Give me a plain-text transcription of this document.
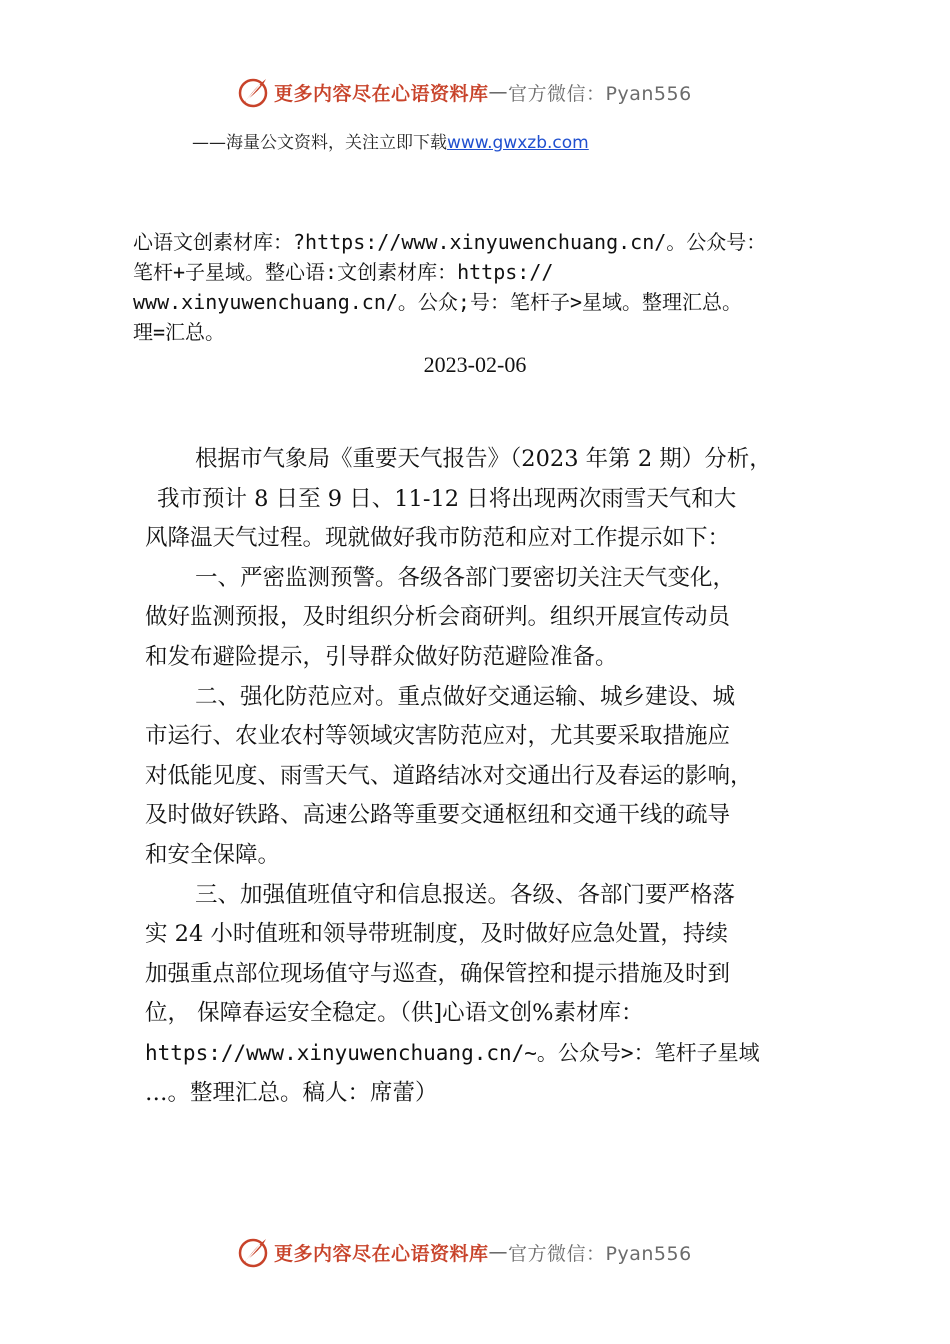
更多内容尽在心语资料库 — 官方微信：Pyan556
——海量公文资料，关注立即下载www.gwxzb.com
心语文创素材库：?https://www.xinyuwenchuang.cn/。公众号：
笔杆+子星域。整心语:文创素材库：https://
www.xinyuwenchuang.cn/。公众;号：笔杆子>星域。整理汇总。
理=汇总。
2023-02-06
根据市气象局《重要天气报告》（2023 年第 2 期）分析，
我市预计 8 日至 9 日、11-12 日将出现两次雨雪天气和大
风降温天气过程。现就做好我市防范和应对工作提示如下：
一、严密监测预警。各级各部门要密切关注天气变化，
做好监测预报，及时组织分析会商研判。组织开展宣传动员
和发布避险提示，引导群众做好防范避险准备。
二、强化防范应对。重点做好交通运输、城乡建设、城
市运行、农业农村等领域灾害防范应对，尤其要采取措施应
对低能见度、雨雪天气、道路结冰对交通出行及春运的影响，
及时做好铁路、高速公路等重要交通枢纽和交通干线的疏导
和安全保障。
三、加强值班值守和信息报送。各级、各部门要严格落
实 24 小时值班和领导带班制度，及时做好应急处置，持续
加强重点部位现场值守与巡查，确保管控和提示措施及时到
位， 保障春运安全稳定。（供]心语文创%素材库：
https://www.xinyuwenchuang.cn/~。公众号>：笔杆子星域
…。整理汇总。稿人：席蕾）
更多内容尽在心语资料库 — 官方微信：Pyan556
